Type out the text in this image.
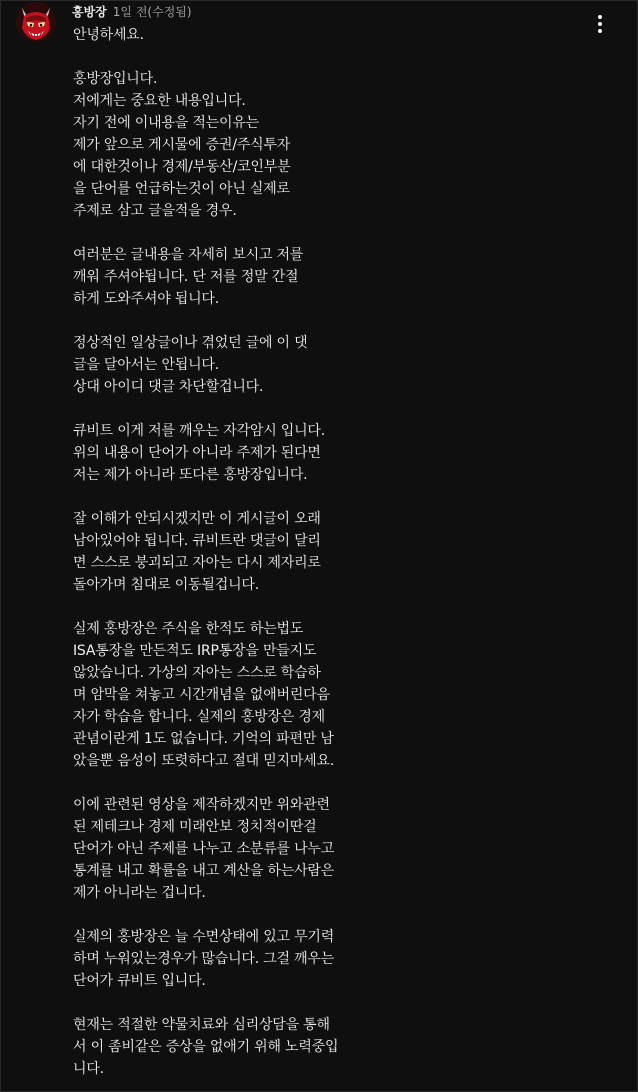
홍방장 1일 전(수정됨)
안녕하세요.
홍방장입니다.
저에게는 중요한 내용입니다.
자기 전에 이내용을 적는이유는
제가 앞으로 게시물에 증권/주식투자
에 대한것이나 경제/부동산/코인부분
을 단어를 언급하는것이 아닌 실제로
주제로 삼고 글을적을 경우.
여러분은 글내용을 자세히 보시고 저를
깨워 주셔야됩니다. 단 저를 정말 간절
하게 도와주셔야 됩니다.
정상적인 일상글이나 겪었던 글에 이 댓
글을 달아서는 안됩니다.
상대 아이디 댓글 차단할겁니다.
큐비트 이게 저를 깨우는 자각암시 입니다.
위의 내용이 단어가 아니라 주제가 된다면
저는 제가 아니라 또다른 홍방장입니다.
잘 이해가 안되시겠지만 이 게시글이 오래
남아있어야 됩니다. 큐비트란 댓글이 달리
면 스스로 붕괴되고 자아는 다시 제자리로
돌아가며 침대로 이동될겁니다.
실제 홍방장은 주식을 한적도 하는법도
ISA통장을 만든적도 IRP통장을 만들지도
않았습니다. 가상의 자아는 스스로 학습하
며 암막을 쳐놓고 시간개념을 없애버린다음
자가 학습을 합니다. 실제의 홍방장은 경제
관념이란게 1도 없습니다. 기억의 파편만 남
았을뿐 음성이 또렷하다고 절대 믿지마세요.
이에 관련된 영상을 제작하겠지만 위와관련
된 제테크나 경제 미래안보 정치적이딴걸
단어가 아닌 주제를 나누고 소분류를 나누고
통계를 내고 확률을 내고 계산을 하는사람은
제가 아니라는 겁니다.
실제의 홍방장은 늘 수면상태에 있고 무기력
하며 누워있는경우가 많습니다. 그걸 깨우는
단어가 큐비트 입니다.
현재는 적절한 약물치료와 심리상담을 통해
서 이 좀비같은 증상을 없애기 위해 노력중입
니다.
